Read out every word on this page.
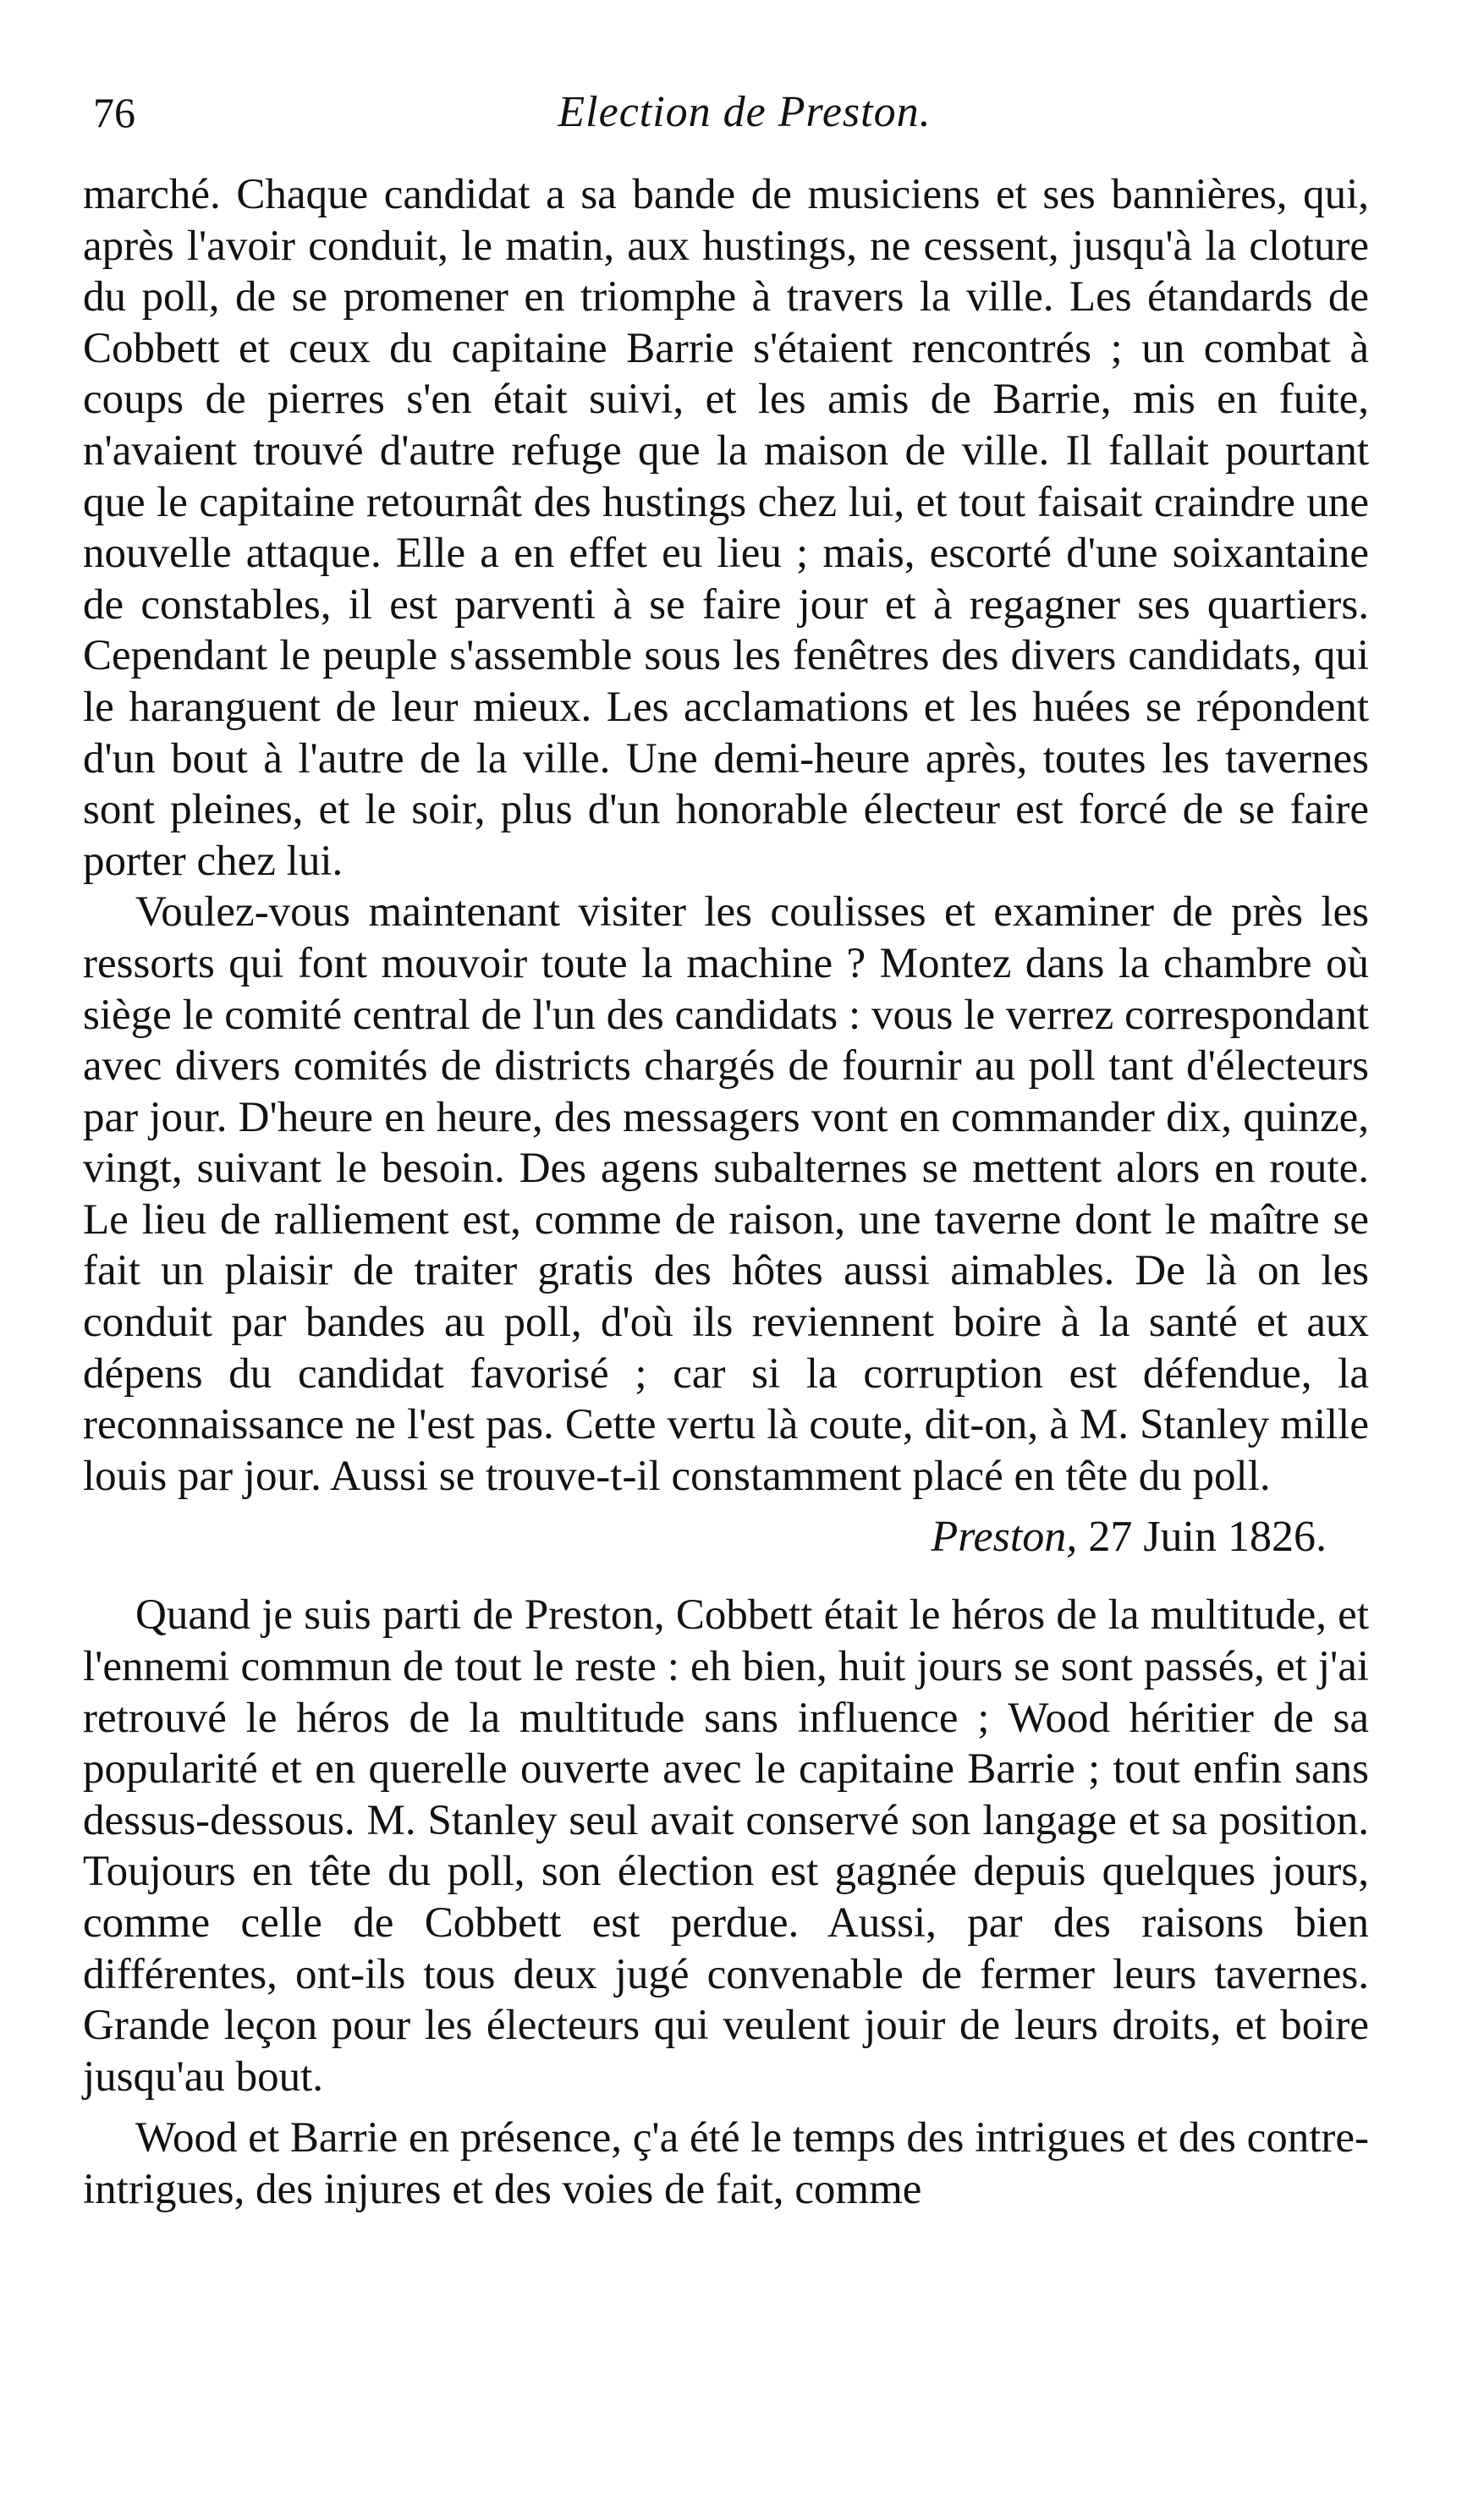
76	Election de Preston.

marché. Chaque candidat a sa bande de musiciens et ses bannières, qui, après l'avoir conduit, le matin, aux hustings, ne cessent, jusqu'à la cloture du poll, de se promener en triomphe à travers la ville. Les étandards de Cobbett et ceux du capitaine Barrie s'étaient rencontrés ; un combat à coups de pierres s'en était suivi, et les amis de Barrie, mis en fuite, n'avaient trouvé d'autre refuge que la maison de ville. Il fallait pourtant que le capitaine retournât des hustings chez lui, et tout faisait craindre une nouvelle attaque. Elle a en effet eu lieu ; mais, escorté d'une soixantaine de constables, il est parventi à se faire jour et à regagner ses quartiers. Cependant le peuple s'assemble sous les fenêtres des divers candidats, qui le haranguent de leur mieux. Les acclamations et les huées se répondent d'un bout à l'autre de la ville. Une demi-heure après, toutes les tavernes sont pleines, et le soir, plus d'un honorable électeur est forcé de se faire porter chez lui.

Voulez-vous maintenant visiter les coulisses et examiner de près les ressorts qui font mouvoir toute la machine ? Montez dans la chambre où siège le comité central de l'un des candidats : vous le verrez correspondant avec divers comités de districts chargés de fournir au poll tant d'électeurs par jour. D'heure en heure, des messagers vont en commander dix, quinze, vingt, suivant le besoin. Des agens subalternes se mettent alors en route. Le lieu de ralliement est, comme de raison, une taverne dont le maître se fait un plaisir de traiter gratis des hôtes aussi aimables. De là on les conduit par bandes au poll, d'où ils reviennent boire à la santé et aux dépens du candidat favorisé ; car si la corruption est défendue, la reconnaissance ne l'est pas. Cette vertu là coute, dit-on, à M. Stanley mille louis par jour. Aussi se trouve-t-il constamment placé en tête du poll.

Preston, 27 Juin 1826.

Quand je suis parti de Preston, Cobbett était le héros de la multitude, et l'ennemi commun de tout le reste : eh bien, huit jours se sont passés, et j'ai retrouvé le héros de la multitude sans influence ; Wood héritier de sa popularité et en querelle ouverte avec le capitaine Barrie ; tout enfin sans dessus-dessous. M. Stanley seul avait conservé son langage et sa position. Toujours en tête du poll, son élection est gagnée depuis quelques jours, comme celle de Cobbett est perdue. Aussi, par des raisons bien différentes, ont-ils tous deux jugé convenable de fermer leurs tavernes. Grande leçon pour les électeurs qui veulent jouir de leurs droits, et boire jusqu'au bout.

Wood et Barrie en présence, ç'a été le temps des intrigues et des contre-intrigues, des injures et des voies de fait, comme
